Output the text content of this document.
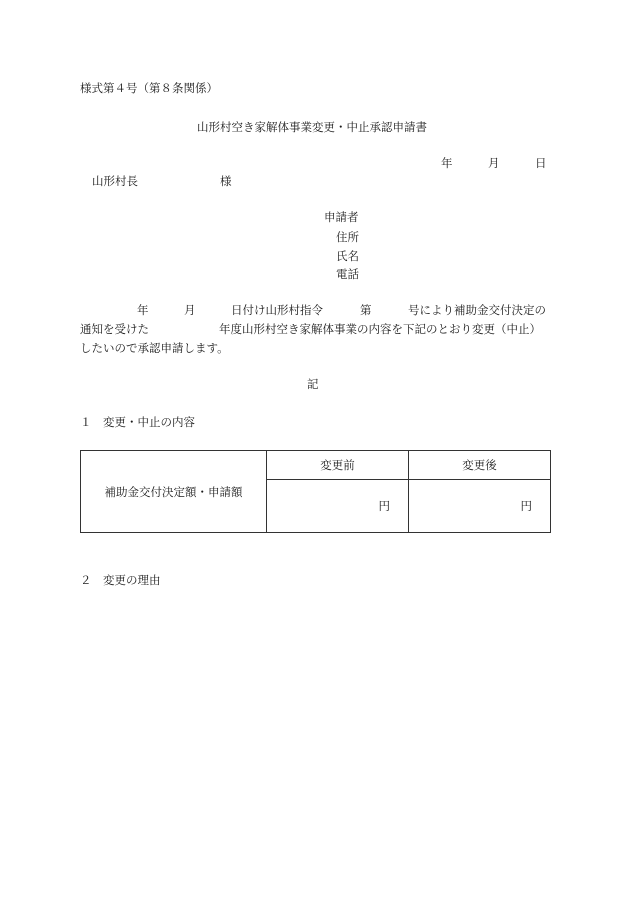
様式第４号（第８条関係）
山形村空き家解体事業変更・中止承認申請書
年	月	日
山形村長	様
申請者
住所
氏名
電話
年	月	日付け山形村指令	第	号により補助金交付決定の
通知を受けた	年度山形村空き家解体事業の内容を下記のとおり変更（中止）
したいので承認申請します。
記
１　変更・中止の内容
補助金交付決定額・申請額	変更前	変更後
	円	円
２　変更の理由
